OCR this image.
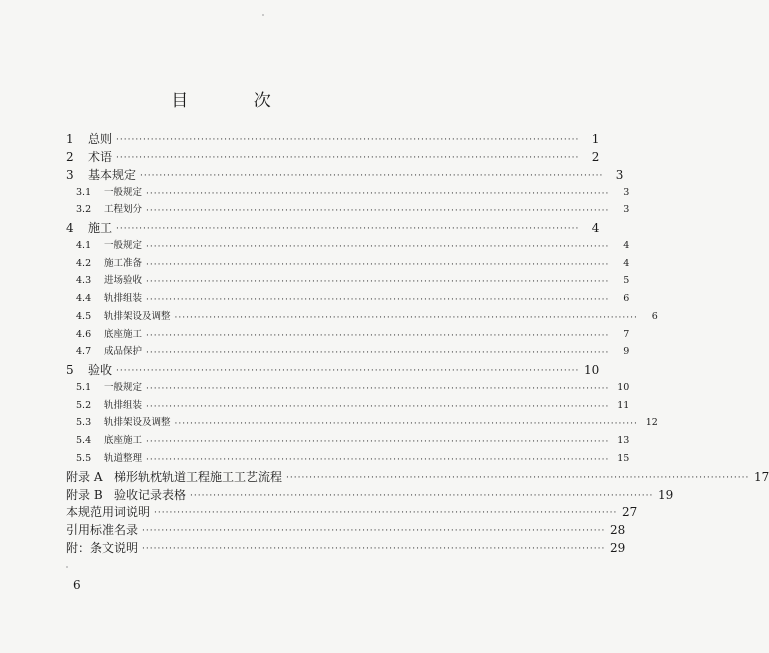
目 次
1	总则 ························································································································	1
2	术语 ························································································································	2
3	基本规定 ························································································································	3
3.1	一般规定 ························································································································	3
3.2	工程划分 ························································································································	3
4	施工 ························································································································	4
4.1	一般规定 ························································································································	4
4.2	施工准备 ························································································································	4
4.3	进场验收 ························································································································	5
4.4	轨排组装 ························································································································	6
4.5	轨排架设及调整 ························································································································	6
4.6	底座施工 ························································································································	7
4.7	成品保护 ························································································································	9
5	验收 ························································································································ 10
5.1	一般规定 ························································································································ 10
5.2	轨排组装 ························································································································ 11
5.3	轨排架设及调整 ························································································································ 12
5.4	底座施工 ························································································································ 13
5.5	轨道整理 ························································································································ 15
附录 A 梯形轨枕轨道工程施工工艺流程 ························································································································ 17
附录 B 验收记录表格 ························································································································ 19
本规范用词说明 ························································································································ 27
引用标准名录 ························································································································ 28
附：条文说明 ························································································································ 29
6
